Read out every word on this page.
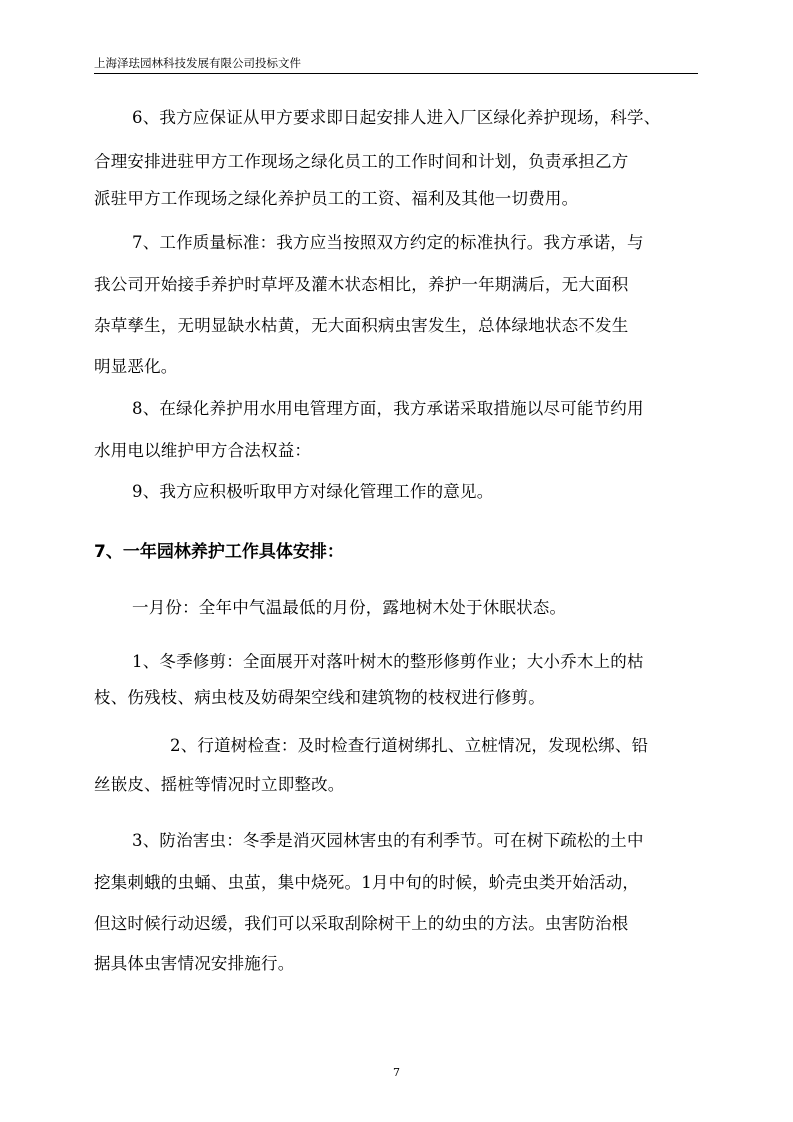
上海泽珐园林科技发展有限公司投标文件
6、我方应保证从甲方要求即日起安排人进入厂区绿化养护现场，科学、
合理安排进驻甲方工作现场之绿化员工的工作时间和计划，负责承担乙方
派驻甲方工作现场之绿化养护员工的工资、福利及其他一切费用。
7、工作质量标准：我方应当按照双方约定的标准执行。我方承诺，与
我公司开始接手养护时草坪及灌木状态相比，养护一年期满后，无大面积
杂草孳生，无明显缺水枯黄，无大面积病虫害发生，总体绿地状态不发生
明显恶化。
8、在绿化养护用水用电管理方面，我方承诺采取措施以尽可能节约用
水用电以维护甲方合法权益：
9、我方应积极听取甲方对绿化管理工作的意见。
7、一年园林养护工作具体安排：
一月份：全年中气温最低的月份，露地树木处于休眠状态。
1、冬季修剪：全面展开对落叶树木的整形修剪作业；大小乔木上的枯
枝、伤残枝、病虫枝及妨碍架空线和建筑物的枝杈进行修剪。
2、行道树检查：及时检查行道树绑扎、立桩情况，发现松绑、铅
丝嵌皮、摇桩等情况时立即整改。
3、防治害虫：冬季是消灭园林害虫的有利季节。可在树下疏松的土中
挖集刺蛾的虫蛹、虫茧，集中烧死。1月中旬的时候，蚧壳虫类开始活动，
但这时候行动迟缓，我们可以采取刮除树干上的幼虫的方法。虫害防治根
据具体虫害情况安排施行。
7
